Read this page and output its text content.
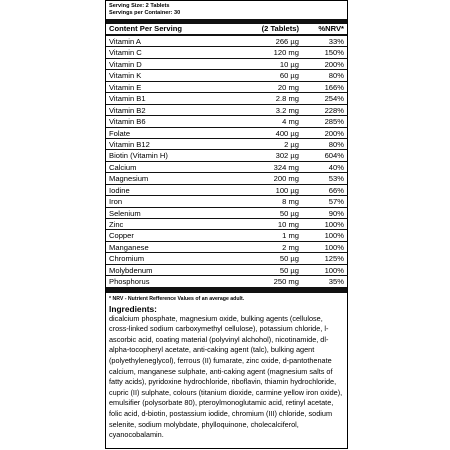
Serving Size: 2 Tablets
Servings per Container: 30
Content Per Serving	(2 Tablets)	%NRV*
Vitamin A	266 µg	33%
Vitamin C	120 mg	150%
Vitamin D	10 µg	200%
Vitamin K	60 µg	80%
Vitamin E	20 mg	166%
Vitamin B1	2.8 mg	254%
Vitamin B2	3.2 mg	228%
Vitamin B6	4 mg	285%
Folate	400 µg	200%
Vitamin B12	2 µg	80%
Biotin (Vitamin H)	302 µg	604%
Calcium	324 mg	40%
Magnesium	200 mg	53%
Iodine	100 µg	66%
Iron	8 mg	57%
Selenium	50 µg	90%
Zinc	10 mg	100%
Copper	1 mg	100%
Manganese	2 mg	100%
Chromium	50 µg	125%
Molybdenum	50 µg	100%
Phosphorus	250 mg	35%
* NRV - Nutrient Refference Values of an average adult.
Ingredients:

dicalcium phosphate, magnesium oxide, bulking agents (cellulose, cross-linked sodium carboxymethyl cellulose), potassium chloride, l-ascorbic acid, coating material (polyvinyl alchohol), nicotinamide, dl-alpha-tocopheryl acetate, anti-caking agent (talc), bulking agent (polyethyleneglycol), ferrous (II) fumarate, zinc oxide, d-pantothenate calcium, manganese sulphate, anti-caking agent (magnesium salts of fatty acids), pyridoxine hydrochloride, riboflavin, thiamin hydrochloride, cupric (II) sulphate, colours (titanium dioxide, carmine yellow iron oxide), emulsifier (polysorbate 80), pteroylmonoglutamic acid, retinyl acetate, folic acid, d-biotin, postassium iodide, chromium (III) chloride, sodium selenite, sodium molybdate, phylloquinone, cholecalciferol, cyanocobalamin.
